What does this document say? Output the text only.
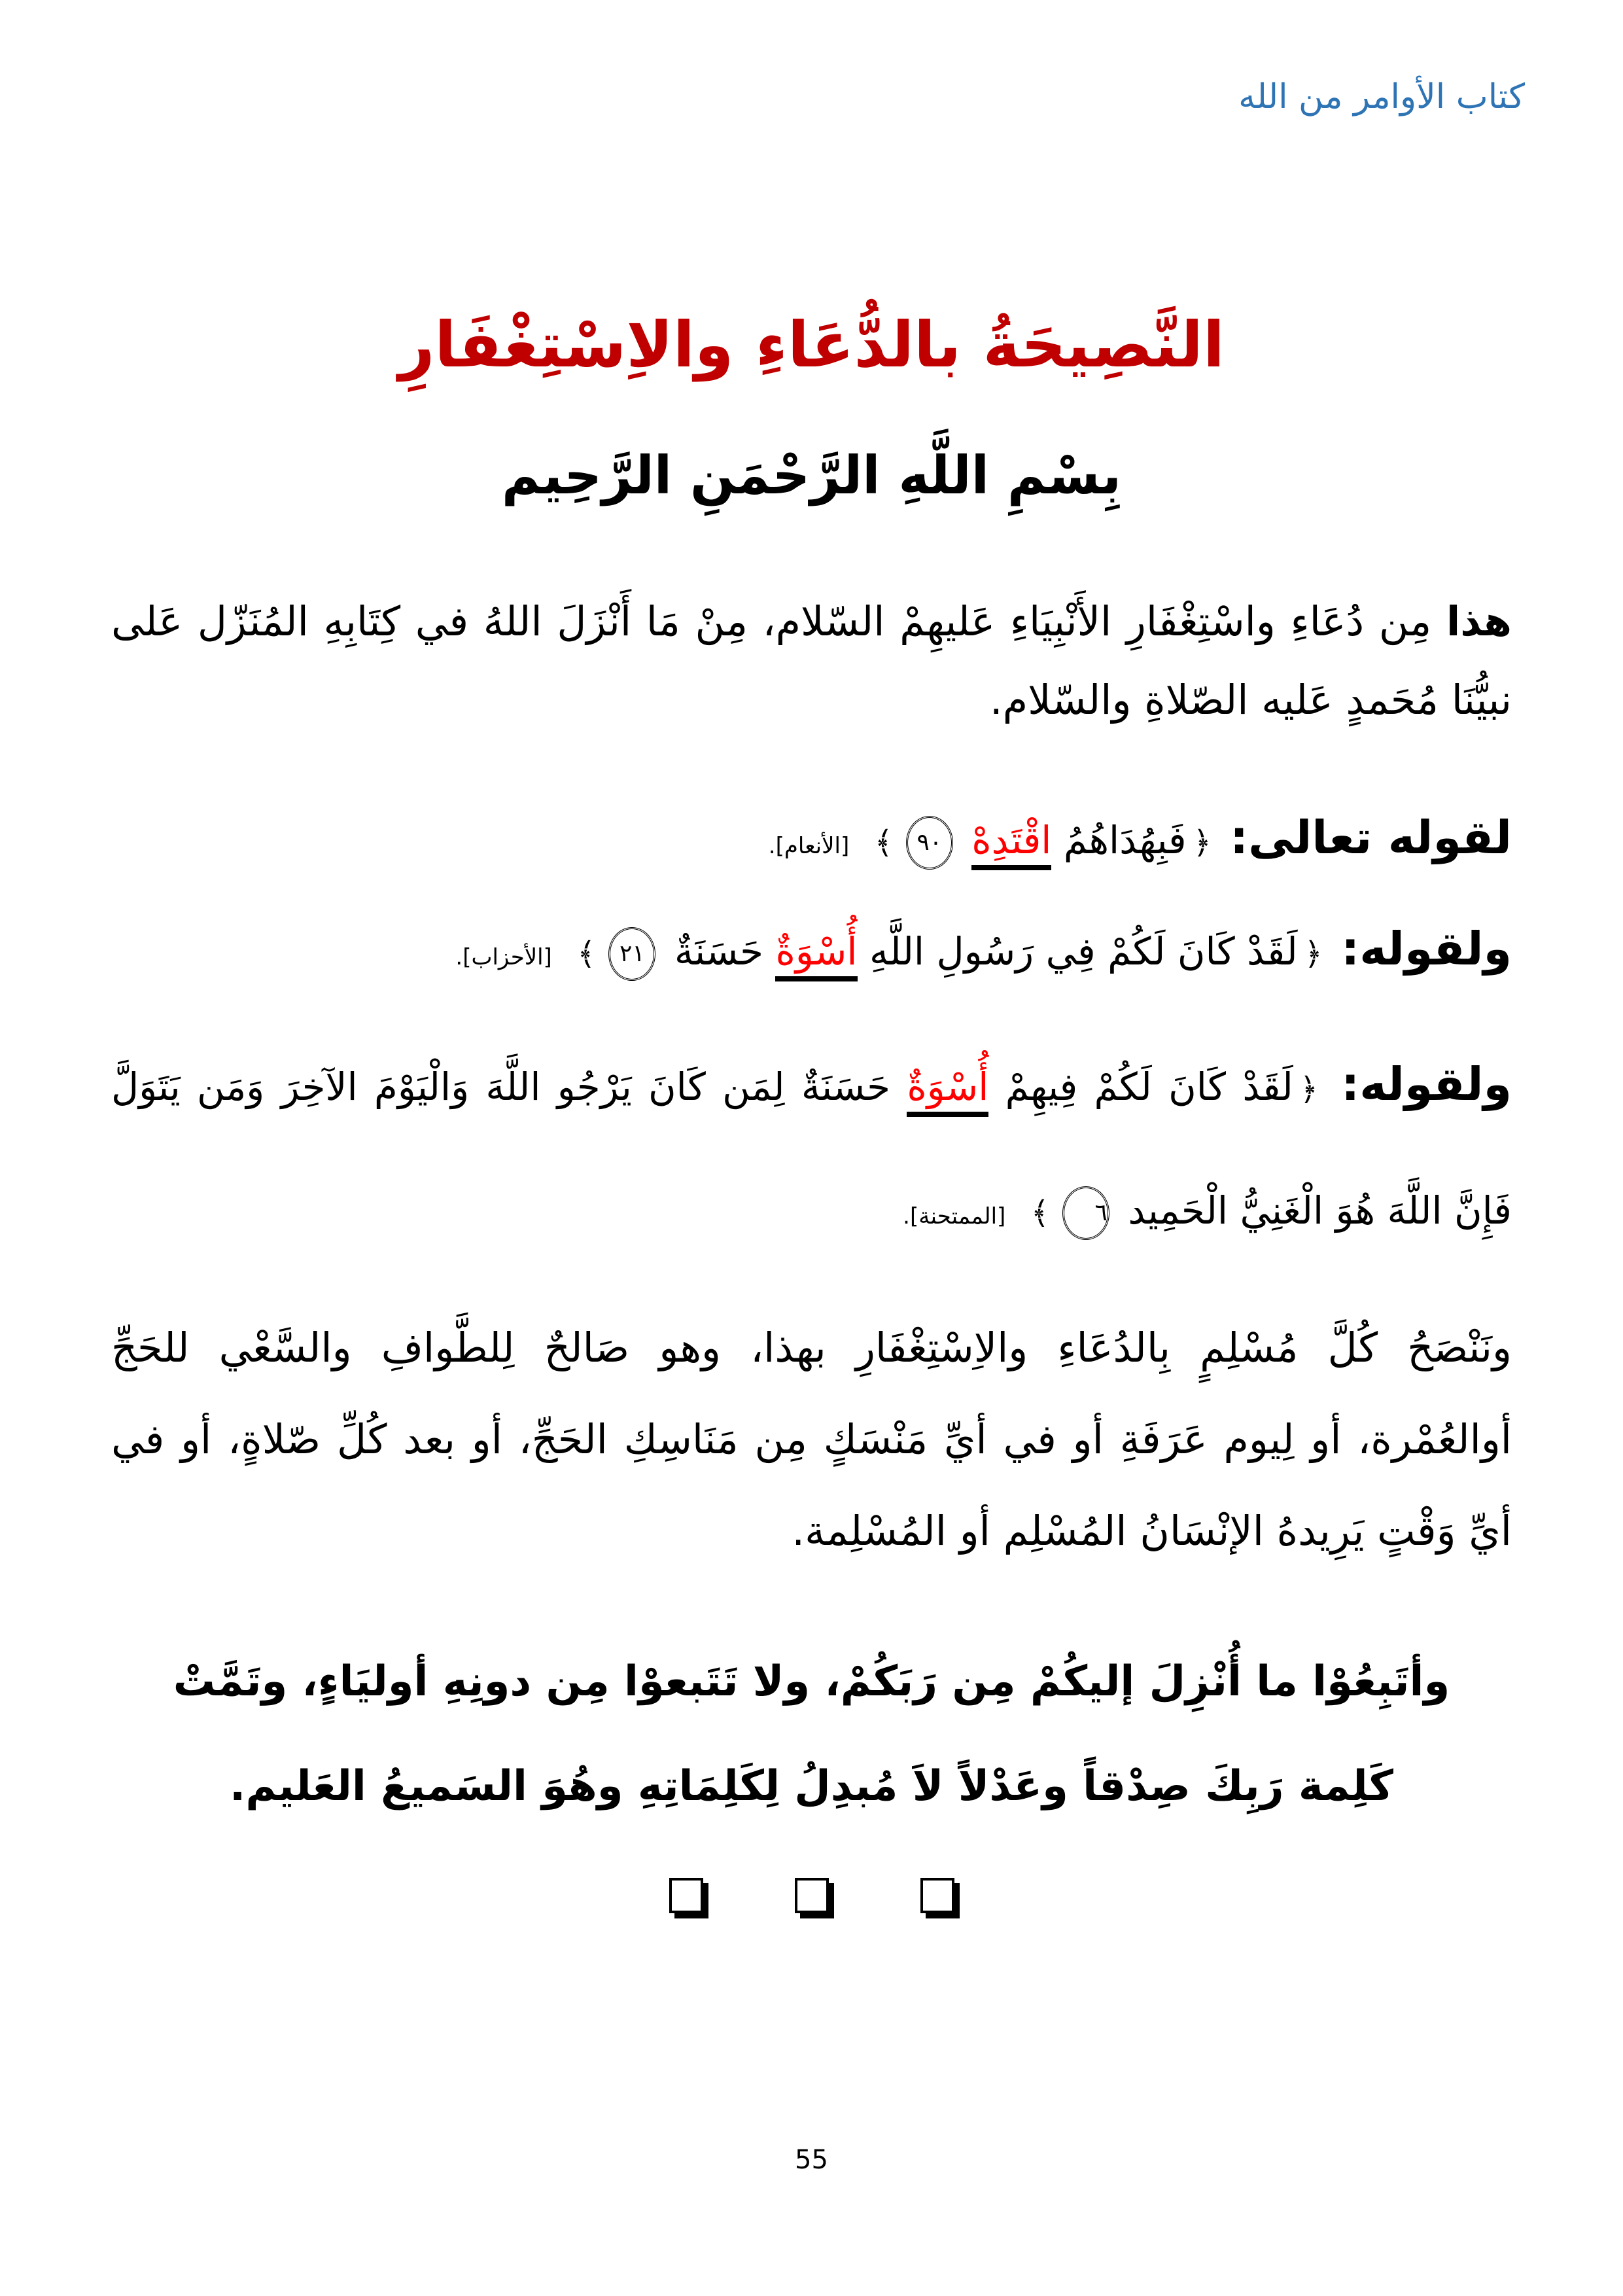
كتاب الأوامر من الله
النَّصِيحَةُ بالدُّعَاءِ والاِسْتِغْفَارِ
بِسْمِ اللَّهِ الرَّحْمَنِ الرَّحِيم

هذا مِن دُعَاءِ واسْتِغْفَارِ الأَنْبِيَاءِ عَليهِمْ السّلام، مِنْ مَا أَنْزَلَ اللهُ في كِتَابِهِ المُنَزّل عَلى نبيُّنَا مُحَمدٍ عَليه الصّلاةِ والسّلام.

لقوله تعالى: ﴿فَبِهُدَاهُمُ اقْتَدِهْ ٩٠﴾ [الأنعام].
ولقوله: ﴿لَقَدْ كَانَ لَكُمْ فِي رَسُولِ اللَّهِ أُسْوَةٌ حَسَنَةٌ ٢١﴾ [الأحزاب].
ولقوله: ﴿لَقَدْ كَانَ لَكُمْ فِيهِمْ أُسْوَةٌ حَسَنَةٌ لِمَن كَانَ يَرْجُو اللَّهَ وَالْيَوْمَ الآخِرَ وَمَن يَتَوَلَّ فَإِنَّ اللَّهَ هُوَ الْغَنِيُّ الْحَمِيد ٦﴾ [الممتحنة].

ونَنْصَحُ كُلَّ مُسْلِمٍ بِالدُعَاءِ والاِسْتِغْفَارِ بهذا، وهو صَالحٌ لِلطَّوافِ والسَّعْي للحَجِّ أوالعُمْرة، أو لِيوم عَرَفَةِ أو في أيِّ مَنْسَكٍ مِن مَنَاسِكِ الحَجِّ، أو بعد كُلِّ صّلاةٍ، أو في أيِّ وَقْتٍ يَرِيدهُ الإنْسَانُ المُسْلِم أو المُسْلِمة.

وأتَبِعُوْا ما أُنْزِلَ إليكُمْ مِن رَبَكُمْ، ولا تَتَبعوْا مِن دونِهِ أوليَاءٍ، وتَمَّتْ كَلِمة رَبِكَ صِدْقاً وعَدْلاً لاَ مُبدِلُ لِكَلِمَاتِهِ وهُوَ السَميعُ العَليم.

55
